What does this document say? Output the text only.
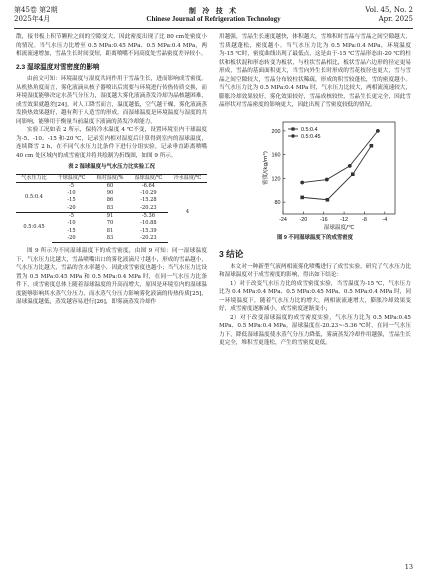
第45卷 第2期
2025年4月
制 冷 技 术
Chinese Journal of Refrigeration Technology
Vol. 45, No. 2
Apr. 2025

散，接书板上积节颗粒之间的空隙变大，因此密度出现了比 80 cm处密度小的情况。当气水压力比增至 0.5 MPa:0.45 MPa、0.5 MPa:0.4 MPa，两相流流速增加，雪晶生长时间变短，距离喷嘴不同高度处雪晶密度差异较小。

2.3 湿球温度对雪密度的影响

由前文可知：环境温度与湿度共同作用于雪晶生长，进而影响成雪密度。从机热角度而言，雾化液滴从核子器喷出后需要与环境进行传热传质交换，而环境湿度能够决定水蒸气分压力，湿度越大雾化液滴蒸发冷却为晶核越困难，成雪效果就越差[24]。对人工降雪而言，温度越低，空气越干燥，雾化液滴蒸发换热效果越好，越有利于人造雪的形成，而湿球温度是环境温度与湿度的共同影响，能够用于衡量当前温度下液滴的蒸发冷却能力。

实验工况如表 2 所示，保持冷水温度 4 ℃不变，设置环境室内干球温度为-5、-10、-15 和-20 ℃，记录室内相对湿度后计算得到室内的湿球温度，连续降雪 2 h，在不同气水压力比条件下进行分组实验，记录垂直距离喷嘴 40 cm 处区域内的成雪密度并将其绘制为折线图，如图 9 所示。

表 2 湿球温度与气水压力比实验工况
气水压力比	干球温度/℃	相对湿度/%	湿球温度/℃	冷水温度/℃
0.5:0.4	-5	60	-6.64	4
	-10	90	-10.29	
	-15	86	-15.28	
	-20	83	-20.23	
0.5:0.45	-5	91	-5.36	
	-10	70	-10.88	
	-15	81	-15.39	
	-20	83	-20.23	

图 9 所示为不同湿球温度下的成雪密度，由图 9 可知：同一湿球温度下，气水压力比越大，雪晶喷嘴出口的雾化液滴尺寸越小，形成的雪晶越小，气水压力比越大，雪晶的含水率越小，因此成雪密度也越小；当气水压力比设置为 0.5 MPa:0.45 MPa 和 0.5 MPa:0.4 MPa 时，在同一气水压力比条件下，成雪密度总体上随着湿球温度的升高而增大，原因是环境室内的湿球温度能够影响其水蒸气分压力，而水蒸气分压力影响雾化液滴的传热传质[25]，湿球温度越低，蒸发越容易进行[26]，即雾滴蒸发冷却作

用越强，雪晶生长速度越快，体积越大，雪堆积时雪晶与雪晶之间空隙越大，雪质越蓬松，密度越小。当气水压力比为 0.5 MPa:0.4 MPa，环境温度为-15 ℃时，密度曲线出现了最低点，这是由于-15 ℃雪晶形态由-20 ℃的柱状和板状混和形态转变为板状，与柱状雪晶相比，板状雪晶六边形的径定更易形成，雪晶的基面面积更大，当雪向外生长时形成的雪花枝径也更大，雪与雪晶之间空隙较大，雪晶分布较柱状稀疏，形成的积雪较蓬松，雪的密度越小。当气水压力比为 0.5 MPa:0.4 MPa 时，气水压力比较大，两相流流速较大，膨胀冷却效果较好，雾化效果较好，雪晶成核较快，雪晶生长更完全，因此雪晶形状对雪晶密度的影响更大，因此出现了雪密度较低的情况。

-24 -20 -16 -12	-8	-4
80
120
160
200
湿球温度/℃
密度/(kg/m³)
0.5:0.4
0.5:0.45
图 9 不同湿球温度下的成雪密度
3 结论

本文对一种新型气液两相流雾化喷嘴进行了成雪实验，研究了气水压力比和湿球温度对于成雪密度的影响，得出如下结论：

1）对于改变气水压力比的成雪密度实验，当雪温度为-15 ℃，气水压力比为 0.4 MPa:0.4 MPa、0.5 MPa:0.45 MPa、0.5 MPa:0.4 MPa 时，同一环境温度下，随着气水压力比的增大，两相流流速增大，膨胀冷却效果变好，成雪密度逐渐减小，成雪密度逐渐变小；

2）对于改变湿球温度的成雪密度实验，气水压力比为 0.5 MPa:0.45 MPa、0.5 MPa:0.4 MPa，湿球温度在-20.23~-5.36 ℃时，在同一气水压力下，降低湿球温度使水蒸气分压力降低，雾滴蒸发冷却作用越强，雪晶生长更完全，堆积雪更蓬松，产生的雪密度更低。

13
